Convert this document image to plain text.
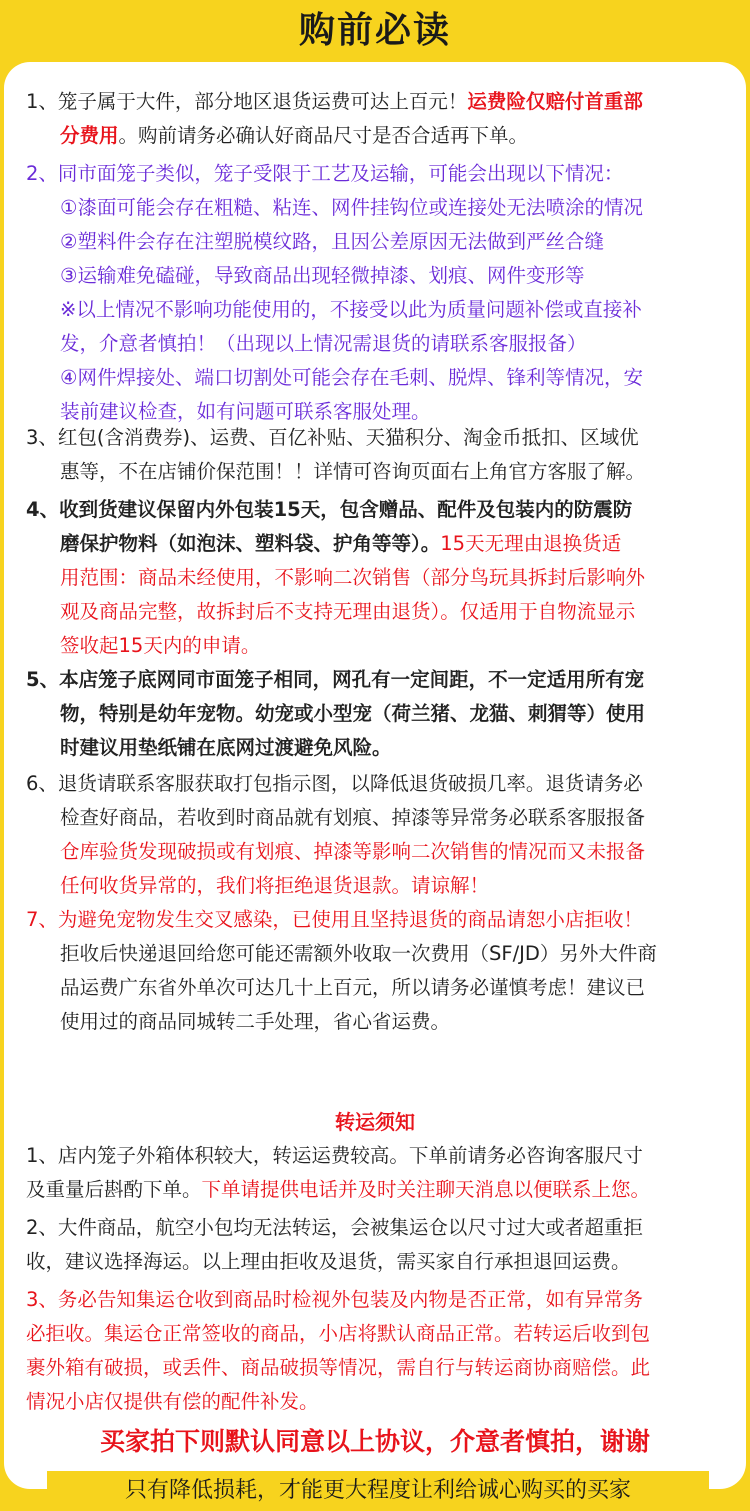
购前必读
1、笼子属于大件，部分地区退货运费可达上百元！运费险仅赔付首重部
分费用。购前请务必确认好商品尺寸是否合适再下单。
2、同市面笼子类似，笼子受限于工艺及运输，可能会出现以下情况：
①漆面可能会存在粗糙、粘连、网件挂钩位或连接处无法喷涂的情况
②塑料件会存在注塑脱模纹路，且因公差原因无法做到严丝合缝
③运输难免磕碰，导致商品出现轻微掉漆、划痕、网件变形等
※以上情况不影响功能使用的，不接受以此为质量问题补偿或直接补
发，介意者慎拍！（出现以上情况需退货的请联系客服报备）
④网件焊接处、端口切割处可能会存在毛刺、脱焊、锋利等情况，安
装前建议检查，如有问题可联系客服处理。
3、红包(含消费券)、运费、百亿补贴、天猫积分、淘金币抵扣、区域优
惠等，不在店铺价保范围！！详情可咨询页面右上角官方客服了解。
4、收到货建议保留内外包装15天，包含赠品、配件及包装内的防震防
磨保护物料（如泡沫、塑料袋、护角等等）。15天无理由退换货适
用范围：商品未经使用，不影响二次销售（部分鸟玩具拆封后影响外
观及商品完整，故拆封后不支持无理由退货）。仅适用于自物流显示
签收起15天内的申请。
5、本店笼子底网同市面笼子相同，网孔有一定间距，不一定适用所有宠
物，特别是幼年宠物。幼宠或小型宠（荷兰猪、龙猫、刺猬等）使用
时建议用垫纸铺在底网过渡避免风险。
6、退货请联系客服获取打包指示图，以降低退货破损几率。退货请务必
检查好商品，若收到时商品就有划痕、掉漆等异常务必联系客服报备
仓库验货发现破损或有划痕、掉漆等影响二次销售的情况而又未报备
任何收货异常的，我们将拒绝退货退款。请谅解！
7、为避免宠物发生交叉感染，已使用且坚持退货的商品请恕小店拒收！
拒收后快递退回给您可能还需额外收取一次费用（SF/JD）另外大件商
品运费广东省外单次可达几十上百元，所以请务必谨慎考虑！建议已
使用过的商品同城转二手处理，省心省运费。
转运须知
1、店内笼子外箱体积较大，转运运费较高。下单前请务必咨询客服尺寸
及重量后斟酌下单。下单请提供电话并及时关注聊天消息以便联系上您。
2、大件商品，航空小包均无法转运，会被集运仓以尺寸过大或者超重拒
收，建议选择海运。以上理由拒收及退货，需买家自行承担退回运费。
3、务必告知集运仓收到商品时检视外包装及内物是否正常，如有异常务
必拒收。集运仓正常签收的商品，小店将默认商品正常。若转运后收到包
裹外箱有破损，或丢件、商品破损等情况，需自行与转运商协商赔偿。此
情况小店仅提供有偿的配件补发。
买家拍下则默认同意以上协议，介意者慎拍，谢谢
只有降低损耗，才能更大程度让利给诚心购买的买家
